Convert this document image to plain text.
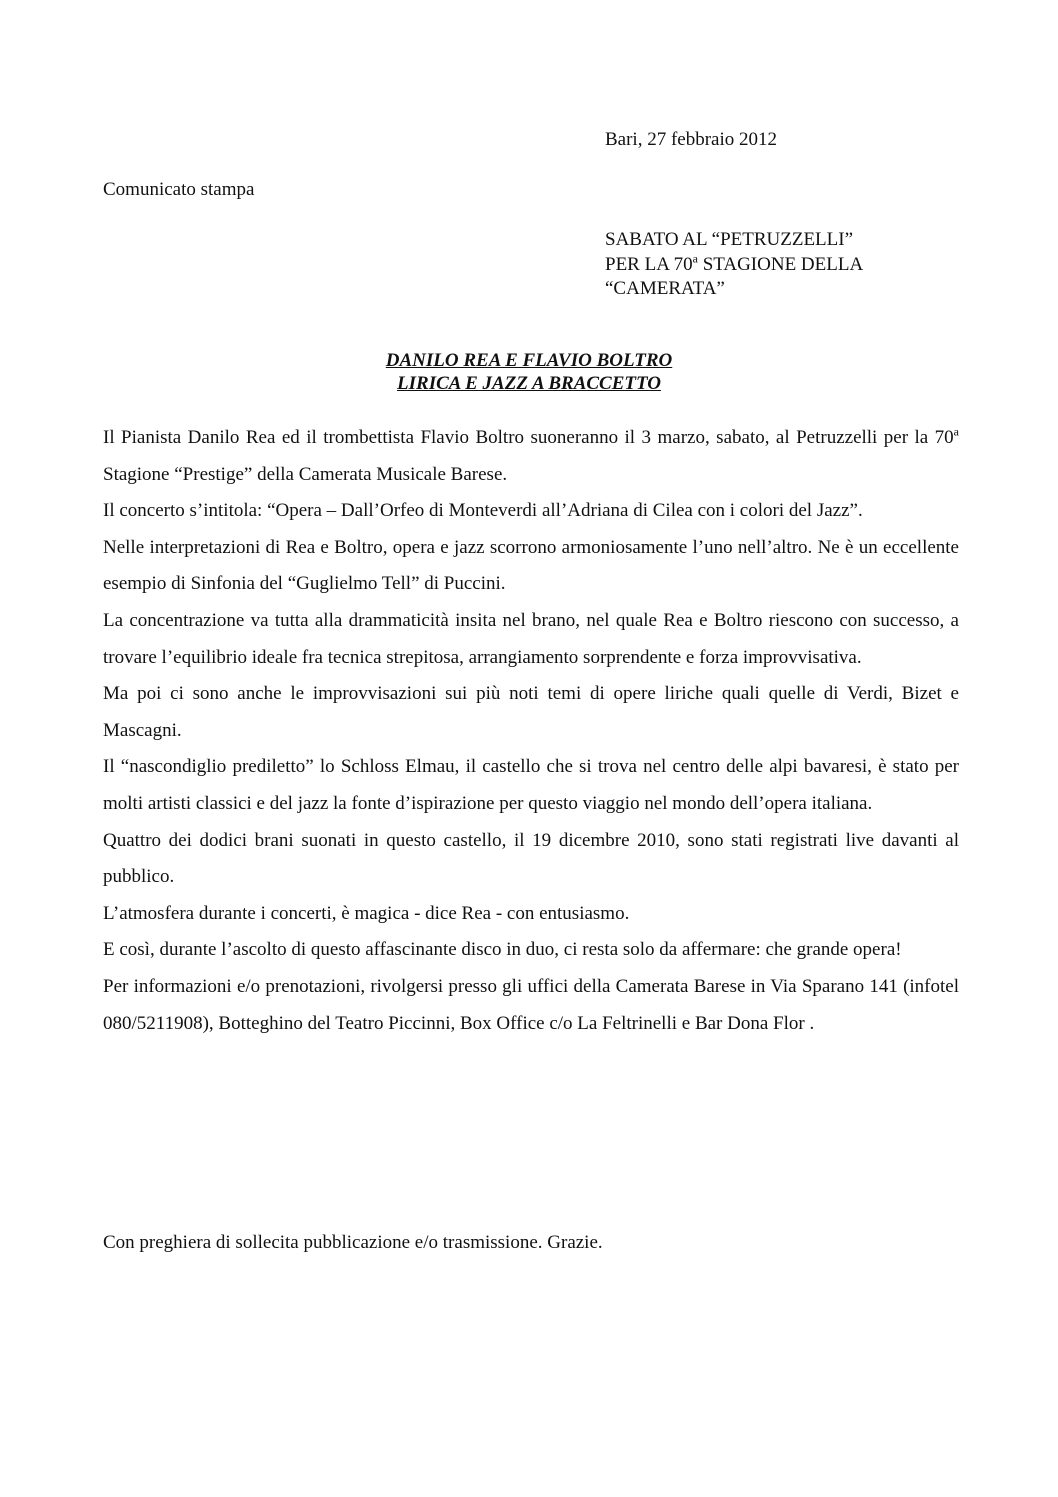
Bari, 27 febbraio 2012
Comunicato stampa
SABATO AL “PETRUZZELLI”
PER LA 70$^a$ STAGIONE DELLA
“CAMERATA”
DANILO REA E FLAVIO BOLTRO
LIRICA E JAZZ A BRACCETTO

Il Pianista Danilo Rea ed il trombettista Flavio Boltro suoneranno il 3 marzo, sabato, al Petruzzelli per la 70$^a$ Stagione “Prestige” della Camerata Musicale Barese.

Il concerto s’intitola: “Opera – Dall’Orfeo di Monteverdi all’Adriana di Cilea con i colori del Jazz”.

Nelle interpretazioni di Rea e Boltro, opera e jazz scorrono armoniosamente l’uno nell’altro. Ne è un eccellente esempio di Sinfonia del “Guglielmo Tell” di Puccini.

La concentrazione va tutta alla drammaticità insita nel brano, nel quale Rea e Boltro riescono con successo, a trovare l’equilibrio ideale fra tecnica strepitosa, arrangiamento sorprendente e forza improvvisativa.

Ma poi ci sono anche le improvvisazioni sui più noti temi di opere liriche quali quelle di Verdi, Bizet e Mascagni.

Il “nascondiglio prediletto” lo Schloss Elmau, il castello che si trova nel centro delle alpi bavaresi, è stato per molti artisti classici e del jazz la fonte d’ispirazione per questo viaggio nel mondo dell’opera italiana.

Quattro dei dodici brani suonati in questo castello, il 19 dicembre 2010, sono stati registrati live davanti al pubblico.

L’atmosfera durante i concerti, è magica - dice Rea - con entusiasmo.

E così, durante l’ascolto di questo affascinante disco in duo, ci resta solo da affermare: che grande opera!

Per informazioni e/o prenotazioni, rivolgersi presso gli uffici della Camerata Barese in Via Sparano 141 (infotel 080/5211908), Botteghino del Teatro Piccinni, Box Office c/o La Feltrinelli e Bar Dona Flor .

Con preghiera di sollecita pubblicazione e/o trasmissione. Grazie.
